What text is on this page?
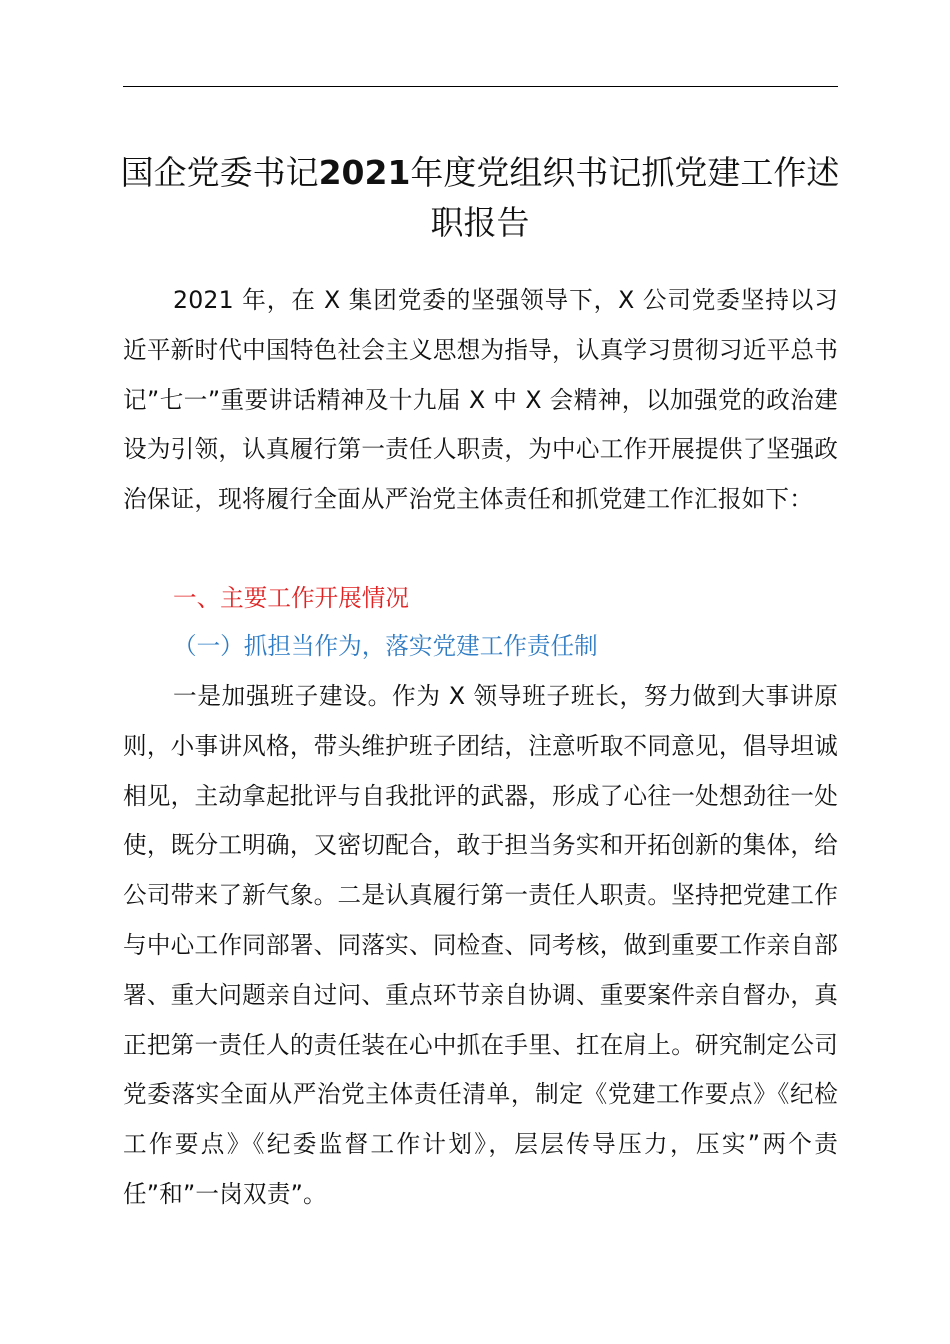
国企党委书记2021年度党组织书记抓党建工作述职报告

2021 年，在 X 集团党委的坚强领导下，X 公司党委坚持以习近平新时代中国特色社会主义思想为指导，认真学习贯彻习近平总书记”七一”重要讲话精神及十九届 X 中 X 会精神，以加强党的政治建设为引领，认真履行第一责任人职责，为中心工作开展提供了坚强政治保证，现将履行全面从严治党主体责任和抓党建工作汇报如下：

一、主要工作开展情况
（一）抓担当作为，落实党建工作责任制

一是加强班子建设。作为 X 领导班子班长，努力做到大事讲原则，小事讲风格，带头维护班子团结，注意听取不同意见，倡导坦诚相见，主动拿起批评与自我批评的武器，形成了心往一处想劲往一处使，既分工明确，又密切配合，敢于担当务实和开拓创新的集体，给公司带来了新气象。二是认真履行第一责任人职责。坚持把党建工作与中心工作同部署、同落实、同检查、同考核，做到重要工作亲自部署、重大问题亲自过问、重点环节亲自协调、重要案件亲自督办，真正把第一责任人的责任装在心中抓在手里、扛在肩上。研究制定公司党委落实全面从严治党主体责任清单，制定《党建工作要点》《纪检工作要点》《纪委监督工作计划》，层层传导压力，压实”两个责任”和”一岗双责”。
